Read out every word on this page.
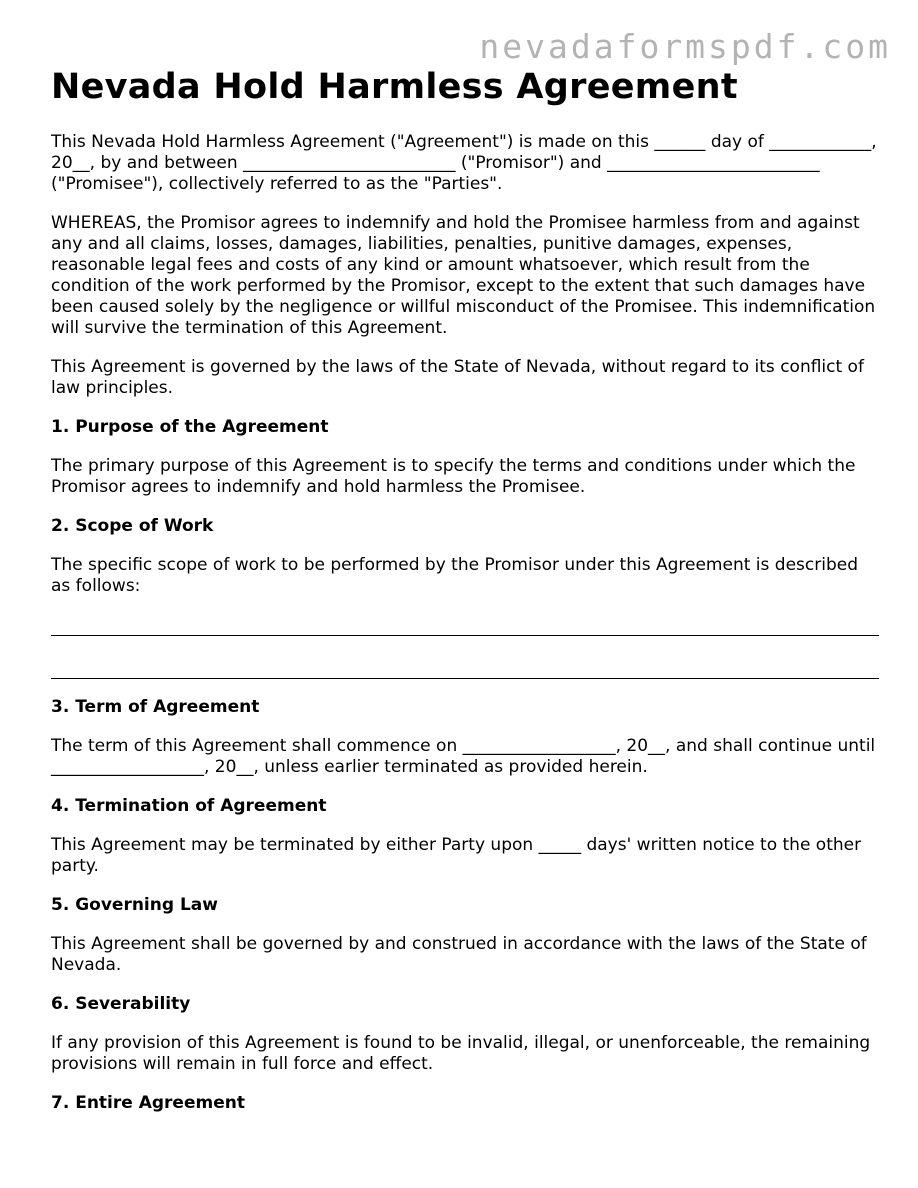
nevadaformspdf.com
Nevada Hold Harmless Agreement

This Nevada Hold Harmless Agreement ("Agreement") is made on this ______ day of ____________, 20__, by and between _________________________ ("Promisor") and _________________________ ("Promisee"), collectively referred to as the "Parties".

WHEREAS, the Promisor agrees to indemnify and hold the Promisee harmless from and against any and all claims, losses, damages, liabilities, penalties, punitive damages, expenses, reasonable legal fees and costs of any kind or amount whatsoever, which result from the condition of the work performed by the Promisor, except to the extent that such damages have been caused solely by the negligence or willful misconduct of the Promisee. This indemnification will survive the termination of this Agreement.

This Agreement is governed by the laws of the State of Nevada, without regard to its conflict of law principles.

1. Purpose of the Agreement

The primary purpose of this Agreement is to specify the terms and conditions under which the Promisor agrees to indemnify and hold harmless the Promisee.

2. Scope of Work

The specific scope of work to be performed by the Promisor under this Agreement is described as follows:

3. Term of Agreement

The term of this Agreement shall commence on __________________, 20__, and shall continue until __________________, 20__, unless earlier terminated as provided herein.

4. Termination of Agreement

This Agreement may be terminated by either Party upon _____ days' written notice to the other party.

5. Governing Law

This Agreement shall be governed by and construed in accordance with the laws of the State of Nevada.

6. Severability

If any provision of this Agreement is found to be invalid, illegal, or unenforceable, the remaining provisions will remain in full force and effect.

7. Entire Agreement
